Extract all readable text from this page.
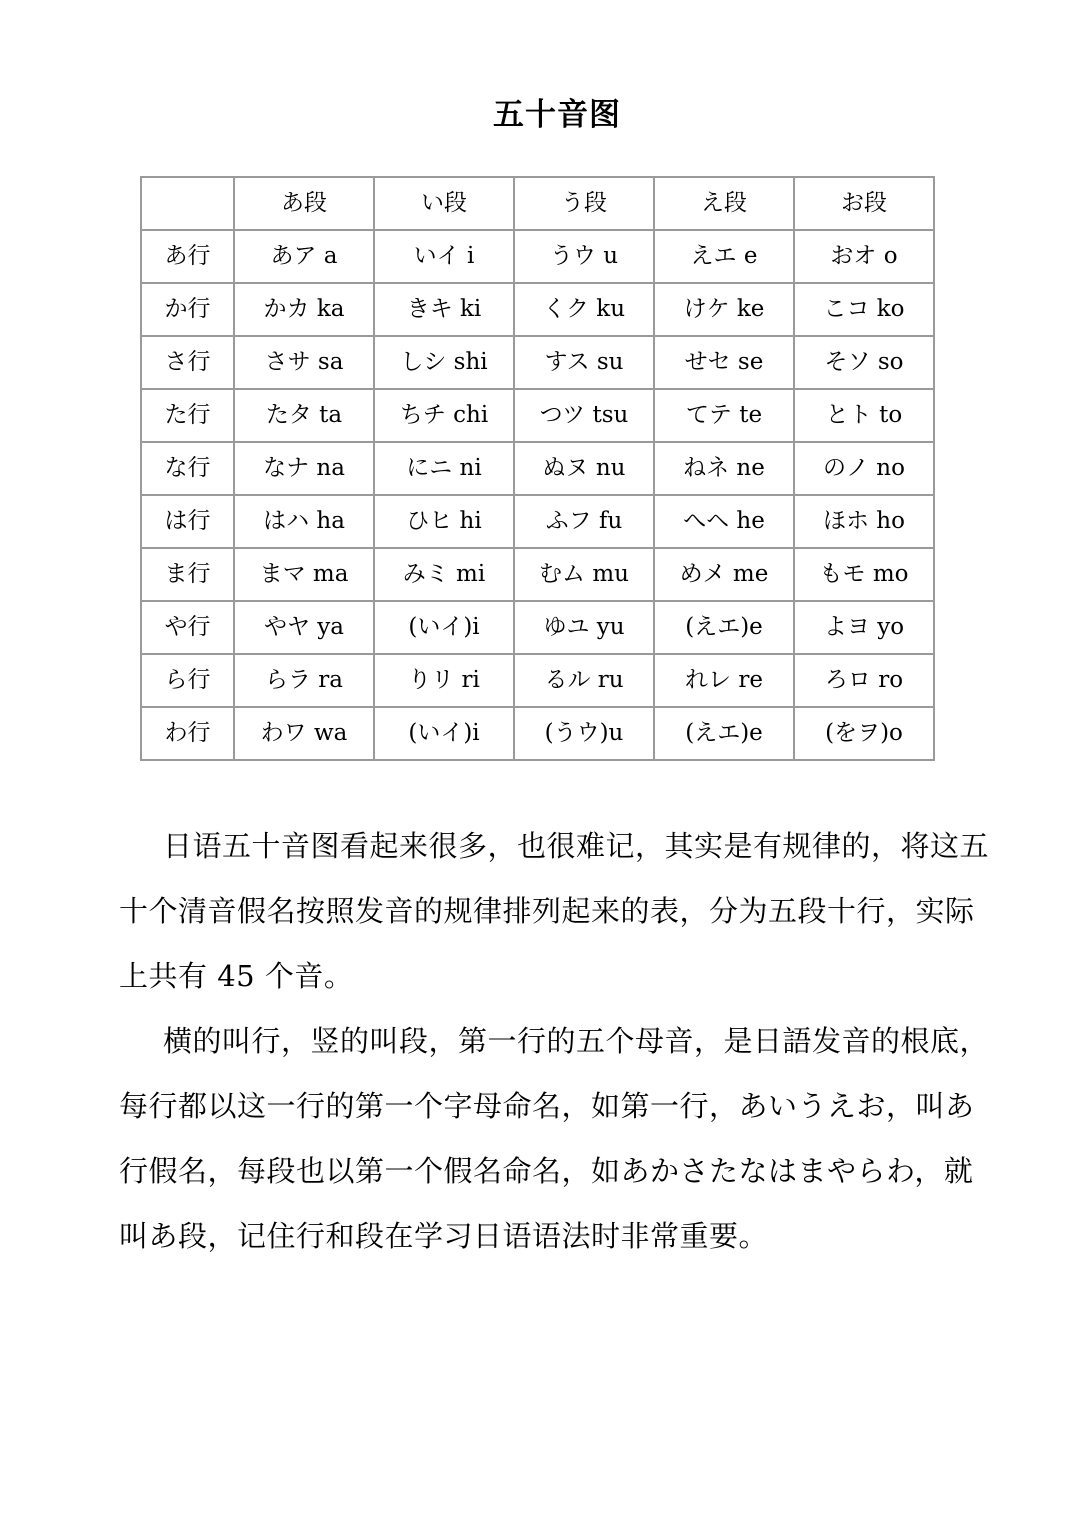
五十音图
	あ段	い段	う段	え段	お段
あ行	あア a	いイ i	うウ u	えエ e	おオ o
か行	かカ ka	きキ ki	くク ku	けケ ke	こコ ko
さ行	さサ sa	しシ shi	すス su	せセ se	そソ so
た行	たタ ta	ちチ chi	つツ tsu	てテ te	とト to
な行	なナ na	にニ ni	ぬヌ nu	ねネ ne	のノ no
は行	はハ ha	ひヒ hi	ふフ fu	へヘ he	ほホ ho
ま行	まマ ma	みミ mi	むム mu	めメ me	もモ mo
や行	やヤ ya	(いイ)i	ゆユ yu	(えエ)e	よヨ yo
ら行	らラ ra	りリ ri	るル ru	れレ re	ろロ ro
わ行	わワ wa	(いイ)i	(うウ)u	(えエ)e	(をヲ)o

日语五十音图看起来很多，也很难记，其实是有规律的，将这五十个清音假名按照发音的规律排列起来的表，分为五段十行，实际上共有 45 个音。

横的叫行，竖的叫段，第一行的五个母音，是日語发音的根底，每行都以这一行的第一个字母命名，如第一行，あいうえお，叫あ行假名，每段也以第一个假名命名，如あかさたなはまやらわ，就叫あ段，记住行和段在学习日语语法时非常重要。
